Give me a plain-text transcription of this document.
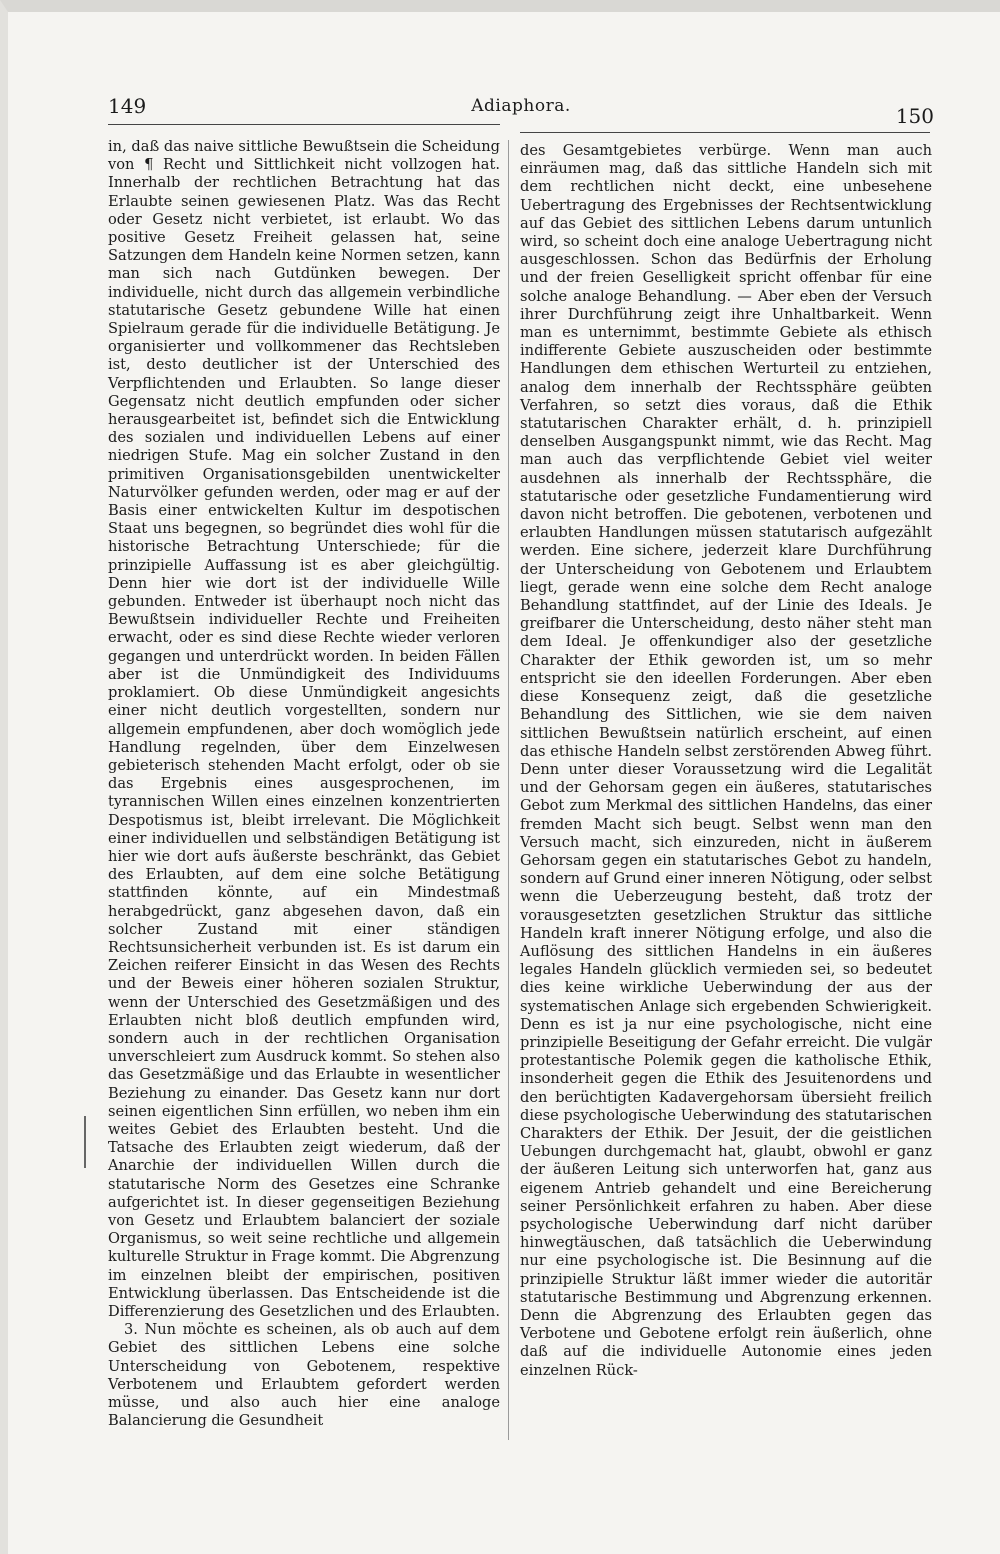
149	Adiaphora.	150

in, daß das naive sittliche Bewußtsein die Scheidung von ¶ Recht und Sittlichkeit nicht vollzogen hat. Innerhalb der rechtlichen Betrachtung hat das Erlaubte seinen gewiesenen Platz. Was das Recht oder Gesetz nicht verbietet, ist erlaubt. Wo das positive Gesetz Freiheit gelassen hat, seine Satzungen dem Handeln keine Normen setzen, kann man sich nach Gutdünken bewegen. Der individuelle, nicht durch das allgemein verbindliche statutarische Gesetz gebundene Wille hat einen Spielraum gerade für die individuelle Betätigung. Je organisierter und vollkommener das Rechtsleben ist, desto deutlicher ist der Unterschied des Verpflichtenden und Erlaubten. So lange dieser Gegensatz nicht deutlich empfunden oder sicher herausgearbeitet ist, befindet sich die Entwicklung des sozialen und individuellen Lebens auf einer niedrigen Stufe. Mag ein solcher Zustand in den primitiven Organisationsgebilden unentwickelter Naturvölker gefunden werden, oder mag er auf der Basis einer entwickelten Kultur im despotischen Staat uns begegnen, so begründet dies wohl für die historische Betrachtung Unterschiede; für die prinzipielle Auffassung ist es aber gleichgültig. Denn hier wie dort ist der individuelle Wille gebunden. Entweder ist überhaupt noch nicht das Bewußtsein individueller Rechte und Freiheiten erwacht, oder es sind diese Rechte wieder verloren gegangen und unterdrückt worden. In beiden Fällen aber ist die Unmündigkeit des Individuums proklamiert. Ob diese Unmündigkeit angesichts einer nicht deutlich vorgestellten, sondern nur allgemein empfundenen, aber doch womöglich jede Handlung regelnden, über dem Einzelwesen gebieterisch stehenden Macht erfolgt, oder ob sie das Ergebnis eines ausgesprochenen, im tyrannischen Willen eines einzelnen konzentrierten Despotismus ist, bleibt irrelevant. Die Möglichkeit einer individuellen und selbständigen Betätigung ist hier wie dort aufs äußerste beschränkt, das Gebiet des Erlaubten, auf dem eine solche Betätigung stattfinden könnte, auf ein Mindestmaß herabgedrückt, ganz abgesehen davon, daß ein solcher Zustand mit einer ständigen Rechtsunsicherheit verbunden ist. Es ist darum ein Zeichen reiferer Einsicht in das Wesen des Rechts und der Beweis einer höheren sozialen Struktur, wenn der Unterschied des Gesetzmäßigen und des Erlaubten nicht bloß deutlich empfunden wird, sondern auch in der rechtlichen Organisation unverschleiert zum Ausdruck kommt. So stehen also das Gesetzmäßige und das Erlaubte in wesentlicher Beziehung zu einander. Das Gesetz kann nur dort seinen eigentlichen Sinn erfüllen, wo neben ihm ein weites Gebiet des Erlaubten besteht. Und die Tatsache des Erlaubten zeigt wiederum, daß der Anarchie der individuellen Willen durch die statutarische Norm des Gesetzes eine Schranke aufgerichtet ist. In dieser gegenseitigen Beziehung von Gesetz und Erlaubtem balanciert der soziale Organismus, so weit seine rechtliche und allgemein kulturelle Struktur in Frage kommt. Die Abgrenzung im einzelnen bleibt der empirischen, positiven Entwicklung überlassen. Das Entscheidende ist die Differenzierung des Gesetzlichen und des Erlaubten.

3. Nun möchte es scheinen, als ob auch auf dem Gebiet des sittlichen Lebens eine solche Unterscheidung von Gebotenem, respektive Verbotenem und Erlaubtem gefordert werden müsse, und also auch hier eine analoge Balancierung die Gesundheit

des Gesamtgebietes verbürge. Wenn man auch einräumen mag, daß das sittliche Handeln sich mit dem rechtlichen nicht deckt, eine unbesehene Uebertragung des Ergebnisses der Rechtsentwicklung auf das Gebiet des sittlichen Lebens darum untunlich wird, so scheint doch eine analoge Uebertragung nicht ausgeschlossen. Schon das Bedürfnis der Erholung und der freien Geselligkeit spricht offenbar für eine solche analoge Behandlung. — Aber eben der Versuch ihrer Durchführung zeigt ihre Unhaltbarkeit. Wenn man es unternimmt, bestimmte Gebiete als ethisch indifferente Gebiete auszuscheiden oder bestimmte Handlungen dem ethischen Werturteil zu entziehen, analog dem innerhalb der Rechtssphäre geübten Verfahren, so setzt dies voraus, daß die Ethik statutarischen Charakter erhält, d. h. prinzipiell denselben Ausgangspunkt nimmt, wie das Recht. Mag man auch das verpflichtende Gebiet viel weiter ausdehnen als innerhalb der Rechtssphäre, die statutarische oder gesetzliche Fundamentierung wird davon nicht betroffen. Die gebotenen, verbotenen und erlaubten Handlungen müssen statutarisch aufgezählt werden. Eine sichere, jederzeit klare Durchführung der Unterscheidung von Gebotenem und Erlaubtem liegt, gerade wenn eine solche dem Recht analoge Behandlung stattfindet, auf der Linie des Ideals. Je greifbarer die Unterscheidung, desto näher steht man dem Ideal. Je offenkundiger also der gesetzliche Charakter der Ethik geworden ist, um so mehr entspricht sie den ideellen Forderungen. Aber eben diese Konsequenz zeigt, daß die gesetzliche Behandlung des Sittlichen, wie sie dem naiven sittlichen Bewußtsein natürlich erscheint, auf einen das ethische Handeln selbst zerstörenden Abweg führt. Denn unter dieser Voraussetzung wird die Legalität und der Gehorsam gegen ein äußeres, statutarisches Gebot zum Merkmal des sittlichen Handelns, das einer fremden Macht sich beugt. Selbst wenn man den Versuch macht, sich einzureden, nicht in äußerem Gehorsam gegen ein statutarisches Gebot zu handeln, sondern auf Grund einer inneren Nötigung, oder selbst wenn die Ueberzeugung besteht, daß trotz der vorausgesetzten gesetzlichen Struktur das sittliche Handeln kraft innerer Nötigung erfolge, und also die Auflösung des sittlichen Handelns in ein äußeres legales Handeln glücklich vermieden sei, so bedeutet dies keine wirkliche Ueberwindung der aus der systematischen Anlage sich ergebenden Schwierigkeit. Denn es ist ja nur eine psychologische, nicht eine prinzipielle Beseitigung der Gefahr erreicht. Die vulgär protestantische Polemik gegen die katholische Ethik, insonderheit gegen die Ethik des Jesuitenordens und den berüchtigten Kadavergehorsam übersieht freilich diese psychologische Ueberwindung des statutarischen Charakters der Ethik. Der Jesuit, der die geistlichen Uebungen durchgemacht hat, glaubt, obwohl er ganz der äußeren Leitung sich unterworfen hat, ganz aus eigenem Antrieb gehandelt und eine Bereicherung seiner Persönlichkeit erfahren zu haben. Aber diese psychologische Ueberwindung darf nicht darüber hinwegtäuschen, daß tatsächlich die Ueberwindung nur eine psychologische ist. Die Besinnung auf die prinzipielle Struktur läßt immer wieder die autoritär statutarische Bestimmung und Abgrenzung erkennen. Denn die Abgrenzung des Erlaubten gegen das Verbotene und Gebotene erfolgt rein äußerlich, ohne daß auf die individuelle Autonomie eines jeden einzelnen Rück-
